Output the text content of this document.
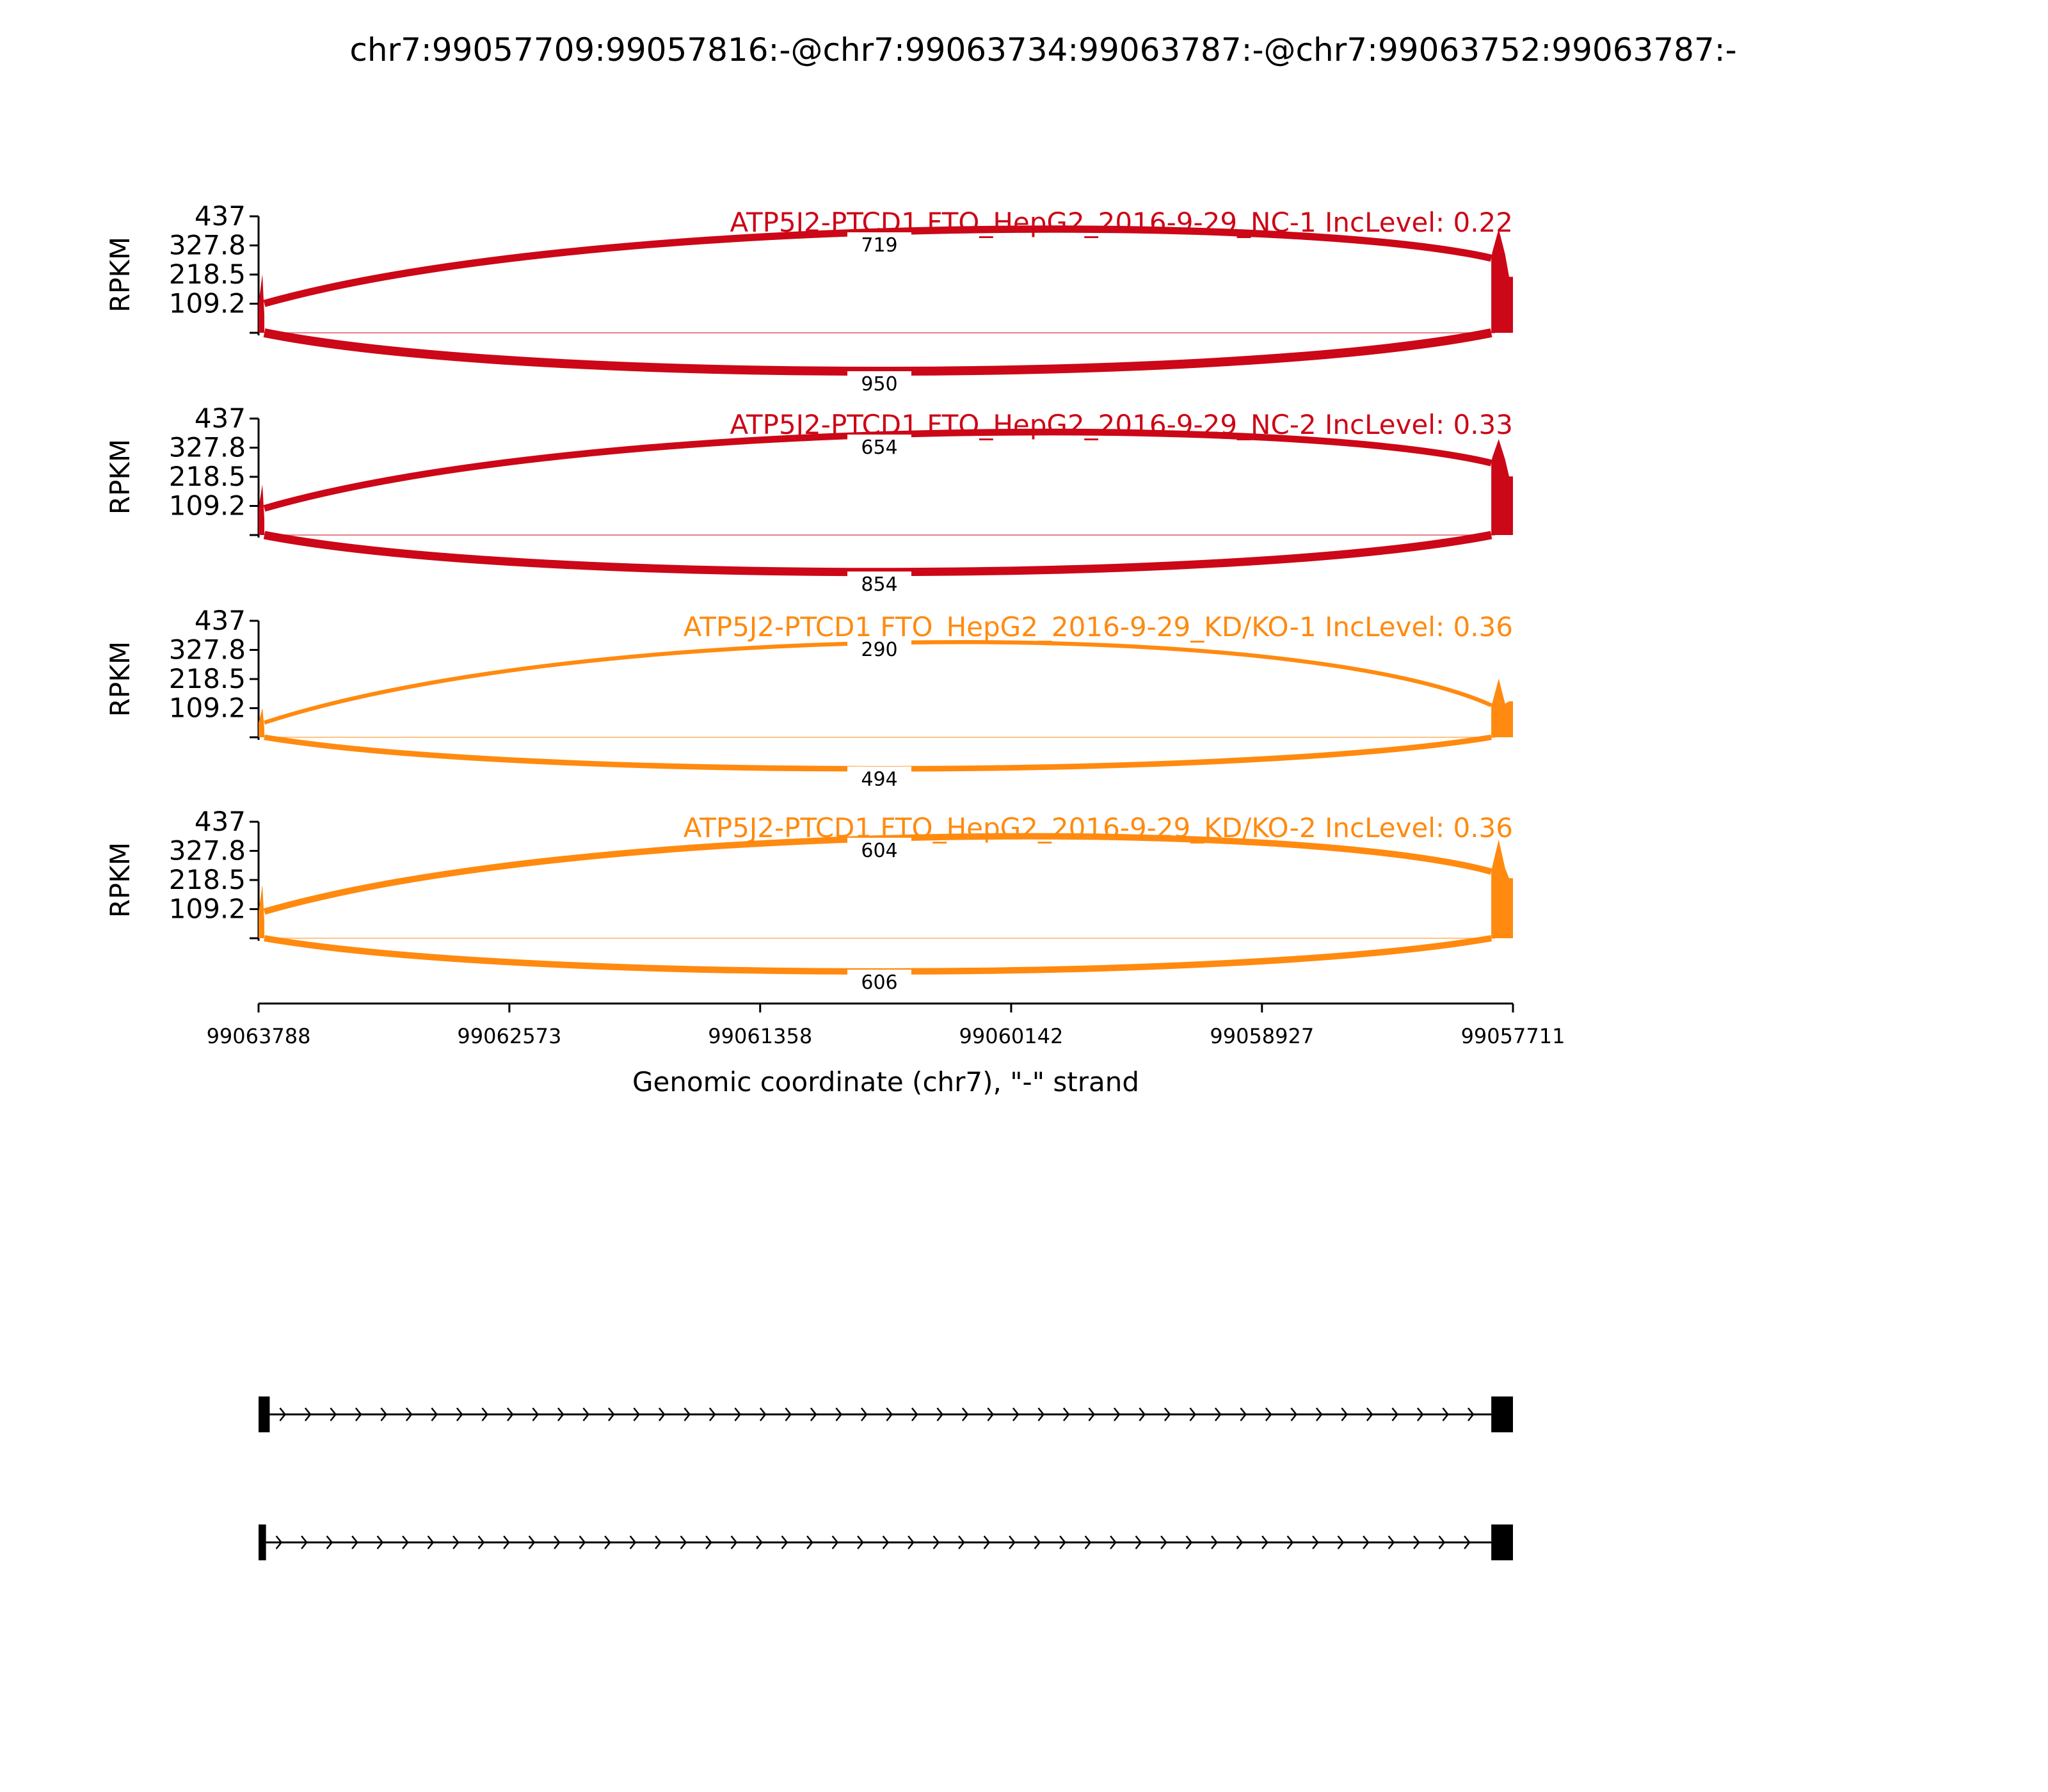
chr7:99057709:99057816:-@chr7:99063734:99063787:-@chr7:99063752:99063787:-
437
327.8
218.5
109.2
RPKM	719
950
ATP5J2-PTCD1 FTO_HepG2_2016-9-29_NC-1 IncLevel: 0.22
437
327.8
218.5
109.2
RPKM	654
854
ATP5J2-PTCD1 FTO_HepG2_2016-9-29_NC-2 IncLevel: 0.33
437
327.8
218.5
109.2
RPKM	290
494
ATP5J2-PTCD1 FTO_HepG2_2016-9-29_KD/KO-1 IncLevel: 0.36
437
327.8
218.5
109.2
RPKM	604
606
ATP5J2-PTCD1 FTO_HepG2_2016-9-29_KD/KO-2 IncLevel: 0.36
99063788	99062573	99061358	99060142	99058927	99057711
Genomic coordinate (chr7), "-" strand
